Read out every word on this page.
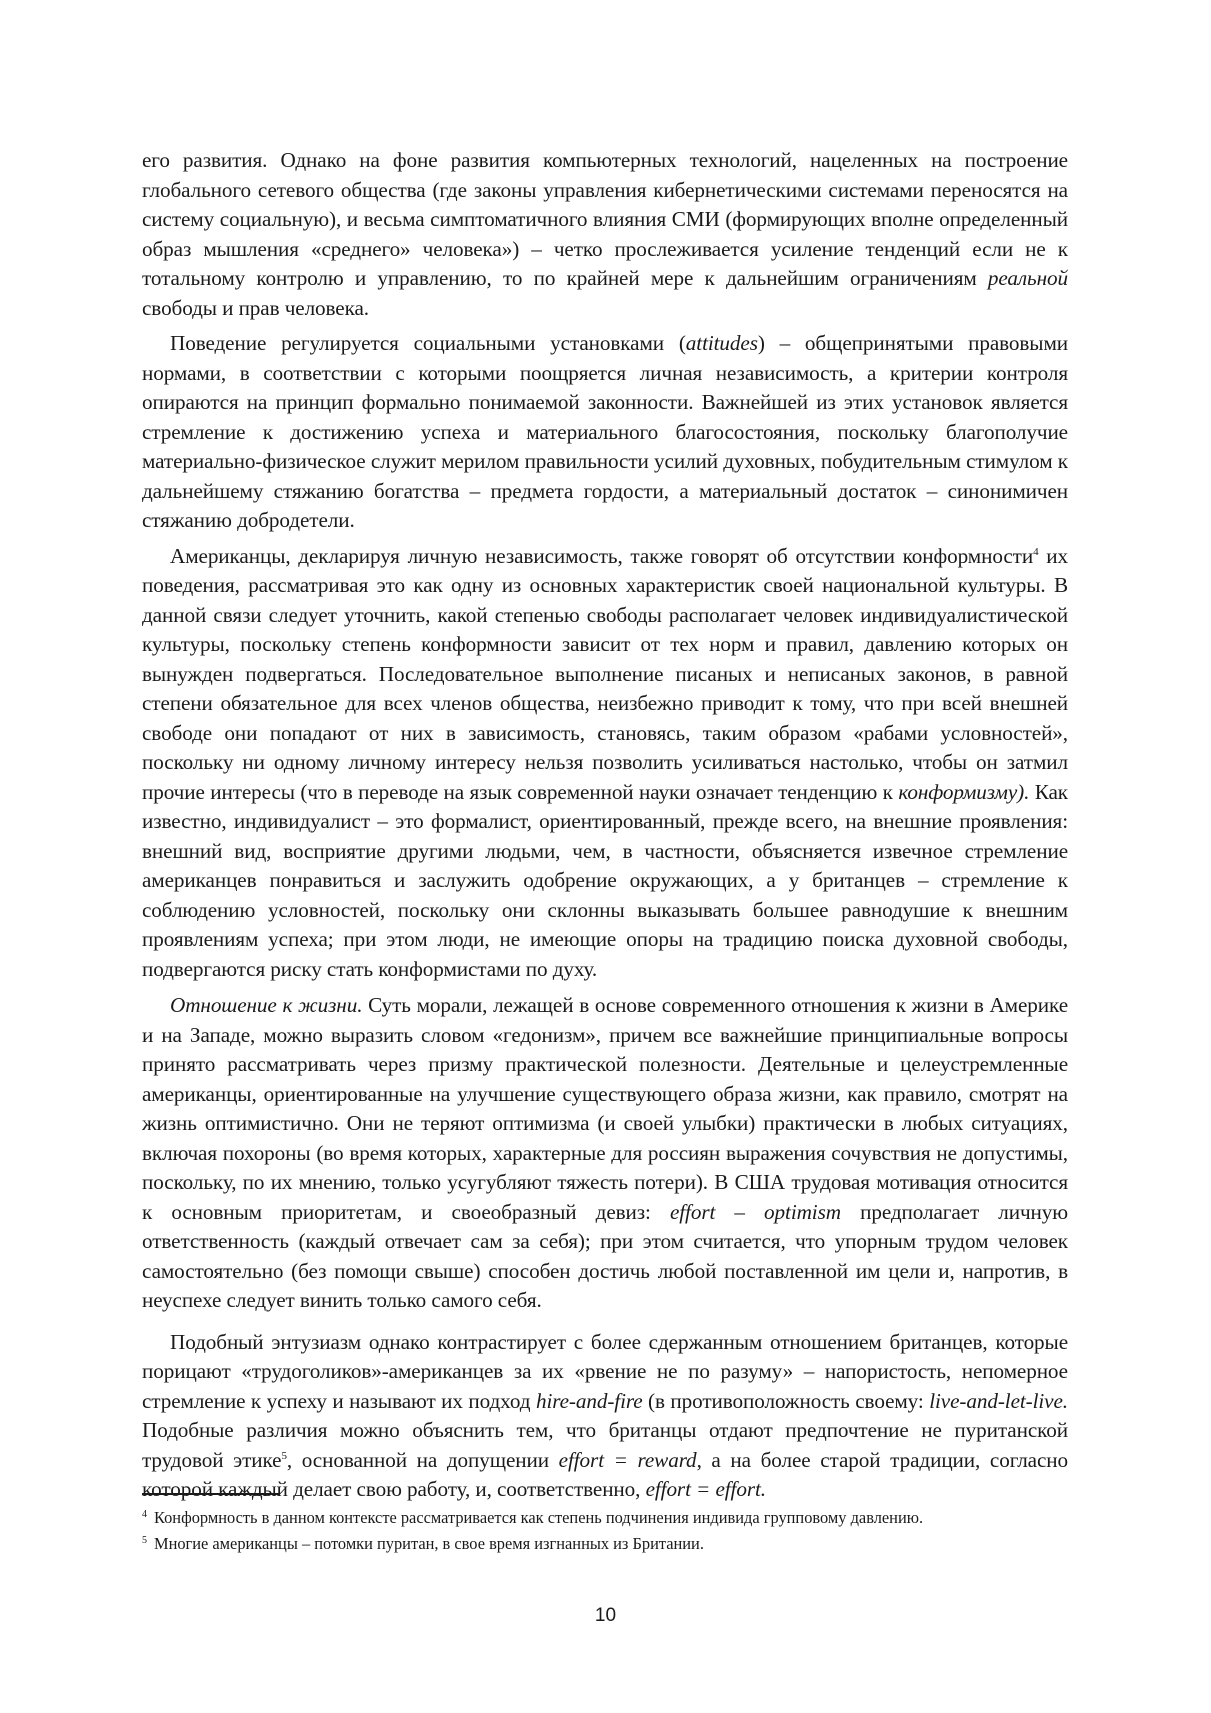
его развития. Однако на фоне развития компьютерных технологий, нацеленных на построение глобального сетевого общества (где законы управления кибернетическими системами переносятся на систему социальную), и весьма симптоматичного влияния СМИ (формирующих вполне определенный образ мышления «среднего» человека») – четко прослеживается усиление тенденций если не к тотальному контролю и управлению, то по крайней мере к дальнейшим ограничениям реальной свободы и прав человека.

Поведение регулируется социальными установками (attitudes) – общепринятыми правовыми нормами, в соответствии с которыми поощряется личная независимость, а критерии контроля опираются на принцип формально понимаемой законности. Важнейшей из этих установок является стремление к достижению успеха и материального благосостояния, поскольку благополучие материально-физическое служит мерилом правильности усилий духовных, побудительным стимулом к дальнейшему стяжанию богатства – предмета гордости, а материальный достаток – синонимичен стяжанию добродетели.

Американцы, декларируя личную независимость, также говорят об отсутствии конформности$^4$ их поведения, рассматривая это как одну из основных характеристик своей национальной культуры. В данной связи следует уточнить, какой степенью свободы располагает человек индивидуалистической культуры, поскольку степень конформности зависит от тех норм и правил, давлению которых он вынужден подвергаться. Последовательное выполнение писаных и неписаных законов, в равной степени обязательное для всех членов общества, неизбежно приводит к тому, что при всей внешней свободе они попадают от них в зависимость, становясь, таким образом «рабами условностей», поскольку ни одному личному интересу нельзя позволить усиливаться настолько, чтобы он затмил прочие интересы (что в переводе на язык современной науки означает тенденцию к конформизму). Как известно, индивидуалист – это формалист, ориентированный, прежде всего, на внешние проявления: внешний вид, восприятие другими людьми, чем, в частности, объясняется извечное стремление американцев понравиться и заслужить одобрение окружающих, а у британцев – стремление к соблюдению условностей, поскольку они склонны выказывать большее равнодушие к внешним проявлениям успеха; при этом люди, не имеющие опоры на традицию поиска духовной свободы, подвергаются риску стать конформистами по духу.

Отношение к жизни. Суть морали, лежащей в основе современного отношения к жизни в Америке и на Западе, можно выразить словом «гедонизм», причем все важнейшие принципиальные вопросы принято рассматривать через призму практической полезности. Деятельные и целеустремленные американцы, ориентированные на улучшение существующего образа жизни, как правило, смотрят на жизнь оптимистично. Они не теряют оптимизма (и своей улыбки) практически в любых ситуациях, включая похороны (во время которых, характерные для россиян выражения сочувствия не допустимы, поскольку, по их мнению, только усугубляют тяжесть потери). В США трудовая мотивация относится к основным приоритетам, и своеобразный девиз: effort – optimism предполагает личную ответственность (каждый отвечает сам за себя); при этом считается, что упорным трудом человек самостоятельно (без помощи свыше) способен достичь любой поставленной им цели и, напротив, в неуспехе следует винить только самого себя.

Подобный энтузиазм однако контрастирует с более сдержанным отношением британцев, которые порицают «трудоголиков»-американцев за их «рвение не по разуму» – напористость, непомерное стремление к успеху и называют их подход hire-and-fire (в противоположность своему: live-and-let-live. Подобные различия можно объяснить тем, что британцы отдают предпочтение не пуританской трудовой этике$^5$, основанной на допущении effort = reward, а на более старой традиции, согласно которой каждый делает свою работу, и, соответственно, effort = effort.

$^4$ Конформность в данном контексте рассматривается как степень подчинения индивида групповому давлению.

$^5$ Многие американцы – потомки пуритан, в свое время изгнанных из Британии.

10
